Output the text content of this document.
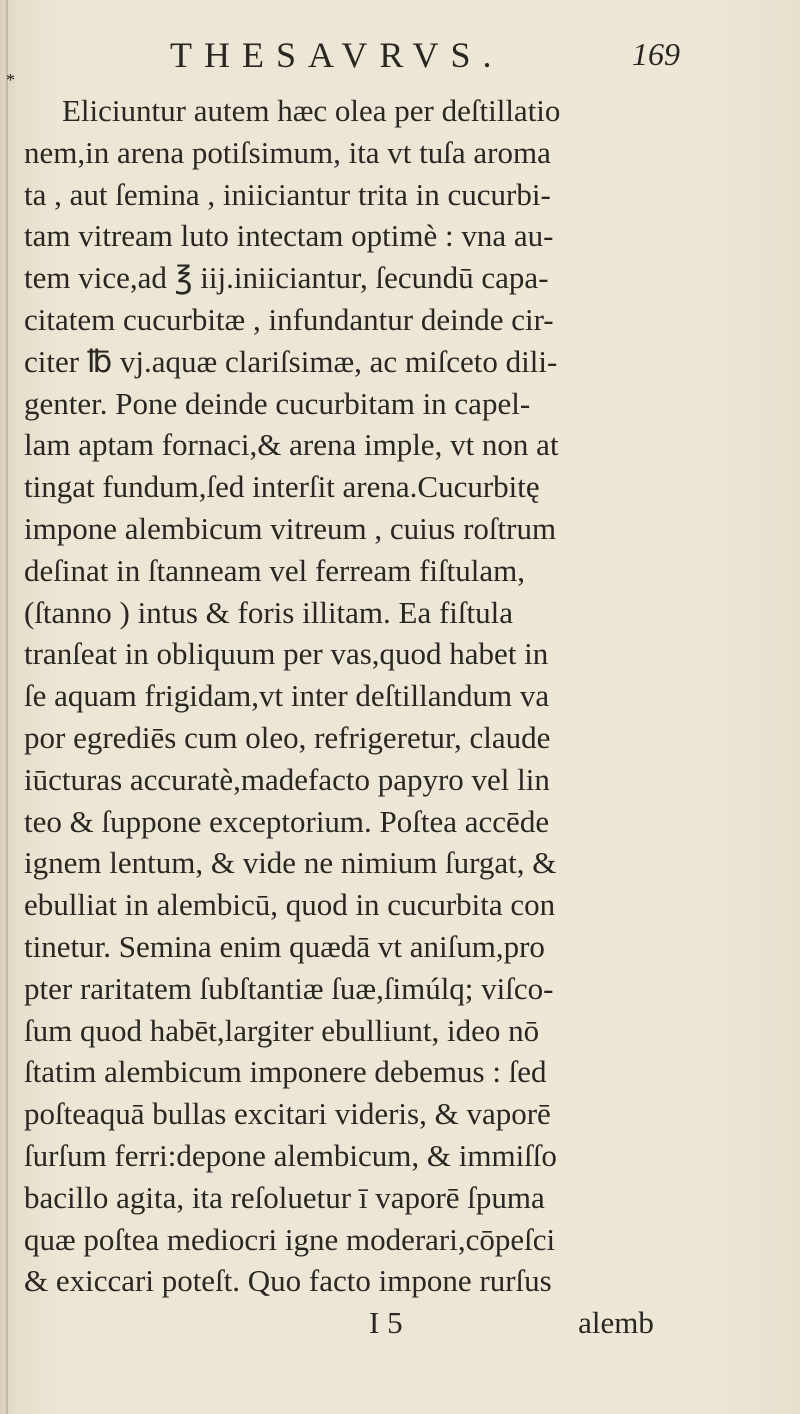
THESAVRVS.	169
*
Eliciuntur autem hæc olea per deſtillatio
nem,in arena potiſsimum, ita vt tuſa aroma
ta , aut ſemina , iniiciantur trita in cucurbi-
tam vitream luto intectam optimè : vna au-
tem vice,ad ℥ iij.iniiciantur, ſecundū capa-
citatem cucurbitæ , infundantur deinde cir-
citer ℔ vj.aquæ clariſsimæ, ac miſceto dili-
genter. Pone deinde cucurbitam in capel-
lam aptam fornaci,& arena imple, vt non at
tingat fundum,ſed interſit arena.Cucurbitę
impone alembicum vitreum , cuius roſtrum
deſinat in ſtanneam vel ferream fiſtulam,
(ſtanno ) intus & foris illitam. Ea fiſtula
tranſeat in obliquum per vas,quod habet in
ſe aquam frigidam,vt inter deſtillandum va
por egrediēs cum oleo, refrigeretur, claude
iūcturas accuratè,madefacto papyro vel lin
teo & ſuppone exceptorium. Poſtea accēde
ignem lentum, & vide ne nimium ſurgat, &
ebulliat in alembicū, quod in cucurbita con
tinetur. Semina enim quædā vt aniſum,pro
pter raritatem ſubſtantiæ ſuæ,ſimúlq; viſco-
ſum quod habēt,largiter ebulliunt, ideo nō
ſtatim alembicum imponere debemus : ſed
poſteaquā bullas excitari videris, & vaporē
ſurſum ferri:depone alembicum, & immiſſo
bacillo agita, ita reſoluetur ī vaporē ſpuma
quæ poſtea mediocri igne moderari,cōpeſci
& exiccari poteſt. Quo facto impone rurſus
I 5	alemb
